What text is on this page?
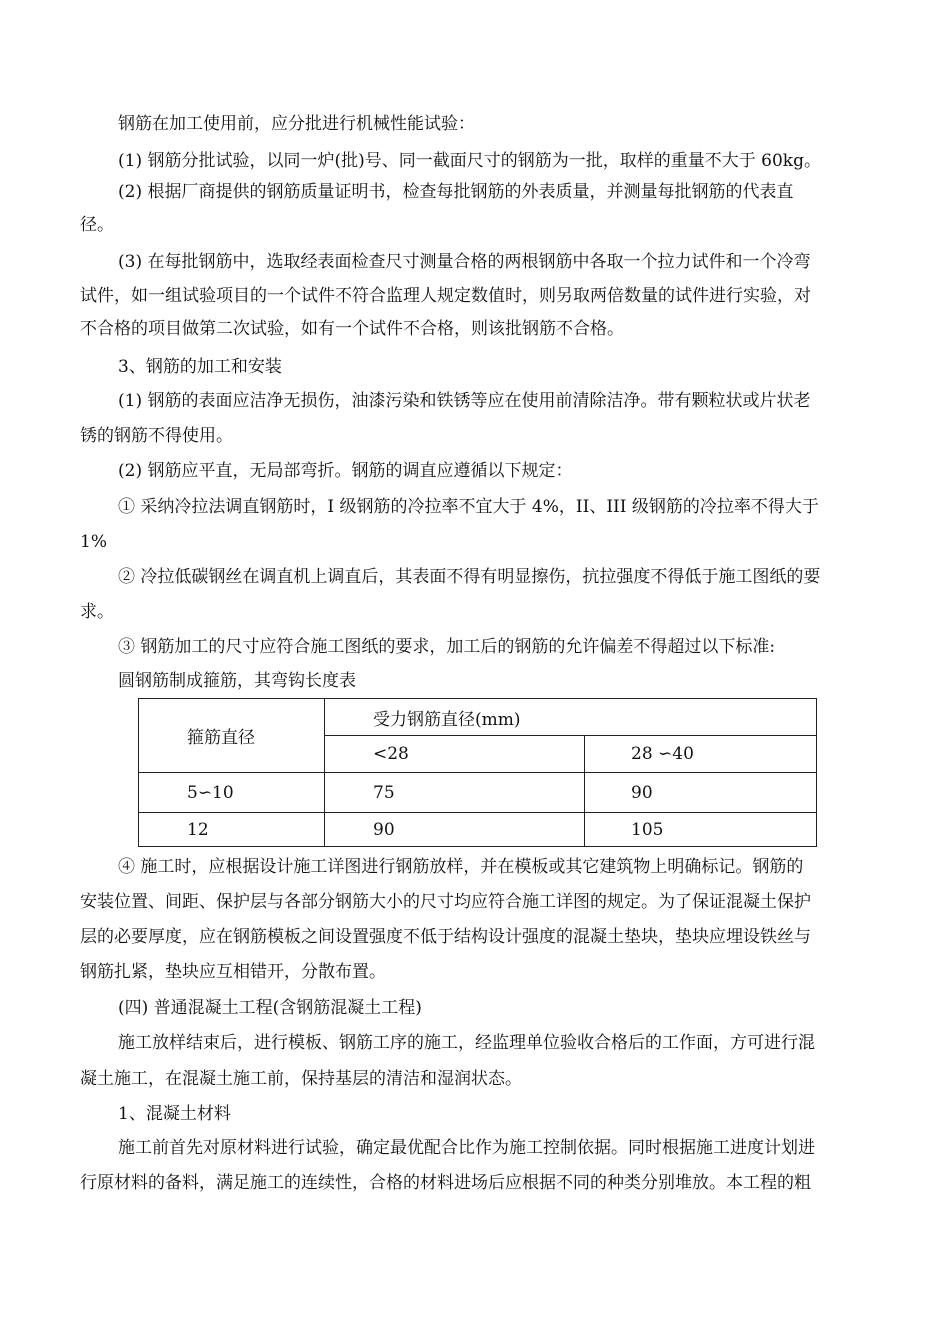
钢筋在加工使用前，应分批进行机械性能试验：
(1) 钢筋分批试验，以同一炉(批)号、同一截面尺寸的钢筋为一批，取样的重量不大于 60kg。
(2) 根据厂商提供的钢筋质量证明书，检查每批钢筋的外表质量，并测量每批钢筋的代表直
径。
(3) 在每批钢筋中，选取经表面检查尺寸测量合格的两根钢筋中各取一个拉力试件和一个冷弯
试件，如一组试验项目的一个试件不符合监理人规定数值时，则另取两倍数量的试件进行实验，对
不合格的项目做第二次试验，如有一个试件不合格，则该批钢筋不合格。
3、钢筋的加工和安装
(1) 钢筋的表面应洁净无损伤，油漆污染和铁锈等应在使用前清除洁净。带有颗粒状或片状老
锈的钢筋不得使用。
(2) 钢筋应平直，无局部弯折。钢筋的调直应遵循以下规定：
① 采纳冷拉法调直钢筋时，I 级钢筋的冷拉率不宜大于 4%，II、III 级钢筋的冷拉率不得大于
1%
② 冷拉低碳钢丝在调直机上调直后，其表面不得有明显擦伤，抗拉强度不得低于施工图纸的要
求。
③ 钢筋加工的尺寸应符合施工图纸的要求，加工后的钢筋的允许偏差不得超过以下标准:
圆钢筋制成箍筋，其弯钩长度表
箍筋直径	受力钢筋直径(mm)	
	<28	28 ∽40
5∽10	75	90
12	90	105
④ 施工时，应根据设计施工详图进行钢筋放样，并在模板或其它建筑物上明确标记。钢筋的
安装位置、间距、保护层与各部分钢筋大小的尺寸均应符合施工详图的规定。为了保证混凝土保护
层的必要厚度，应在钢筋模板之间设置强度不低于结构设计强度的混凝土垫块，垫块应埋设铁丝与
钢筋扎紧，垫块应互相错开，分散布置。
(四) 普通混凝土工程(含钢筋混凝土工程)
施工放样结束后，进行模板、钢筋工序的施工，经监理单位验收合格后的工作面，方可进行混
凝土施工，在混凝土施工前，保持基层的清洁和湿润状态。
1、混凝土材料
施工前首先对原材料进行试验，确定最优配合比作为施工控制依据。同时根据施工进度计划进
行原材料的备料，满足施工的连续性，合格的材料进场后应根据不同的种类分别堆放。本工程的粗
